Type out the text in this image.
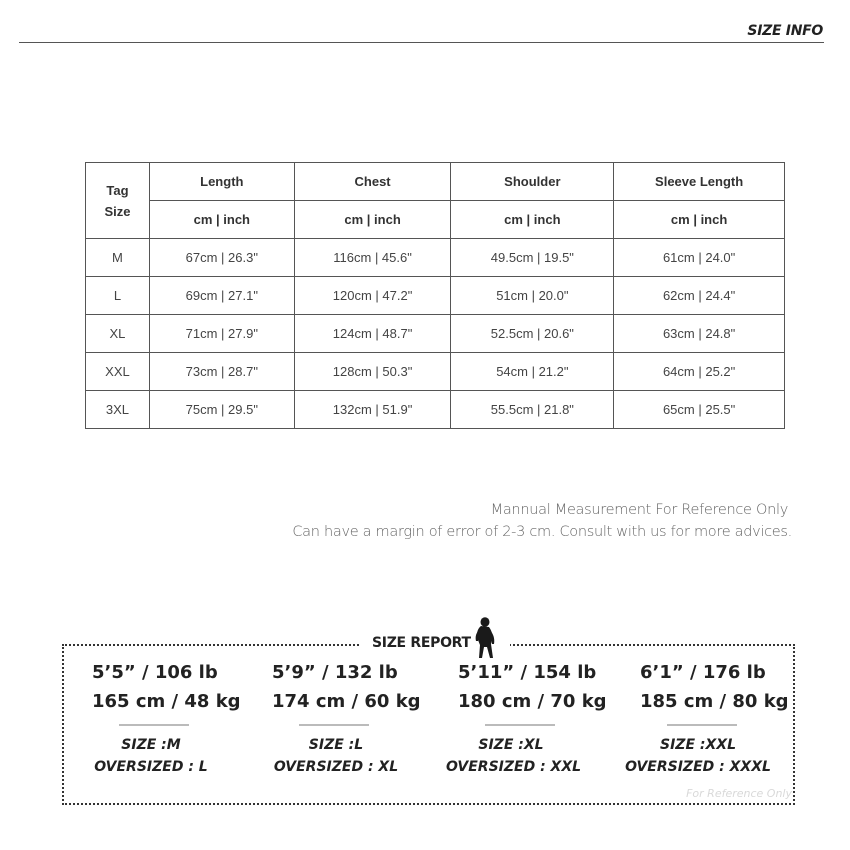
SIZE INFO
Tag
Size	Length	Chest	Shoulder	Sleeve Length
	cm | inch	cm | inch	cm | inch	cm | inch
M	67cm | 26.3"	116cm | 45.6"	49.5cm | 19.5"	61cm | 24.0"
L	69cm | 27.1"	120cm | 47.2"	51cm | 20.0"	62cm | 24.4"
XL	71cm | 27.9"	124cm | 48.7"	52.5cm | 20.6"	63cm | 24.8"
XXL	73cm | 28.7"	128cm | 50.3"	54cm | 21.2"	64cm | 25.2"
3XL	75cm | 29.5"	132cm | 51.9"	55.5cm | 21.8"	65cm | 25.5"
Mannual Measurement For Reference Only
Can have a margin of error of 2-3 cm. Consult with us for more advices.
SIZE REPORT
5’5” / 106 lb
165 cm / 48 kg
SIZE :M
OVERSIZED : L
5’9” / 132 lb
174 cm / 60 kg
SIZE :L
OVERSIZED : XL
5’11” / 154 lb
180 cm / 70 kg
SIZE :XL
OVERSIZED : XXL
6’1” / 176 lb
185 cm / 80 kg
SIZE :XXL
OVERSIZED : XXXL
For Reference Only
